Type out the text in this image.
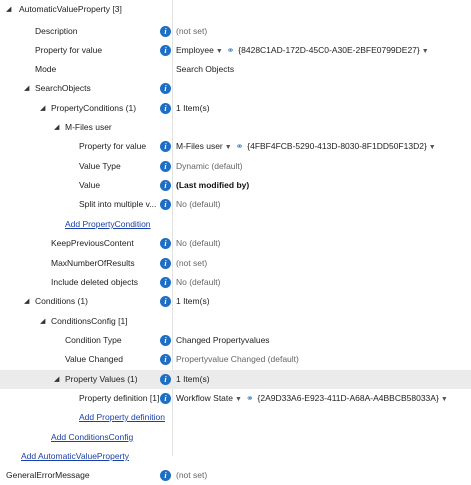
◢ AutomaticValueProperty [3]
Description	i	(not set)
Property for value	i	Employee ▼ ⚭ {8428C1AD-172D-45C0-A30E-2BFE0799DE27} ▼
Mode	Search Objects
◢ SearchObjects	i
◢ PropertyConditions (1)	i	1 Item(s)
◢ M-Files user
Property for value	i	M-Files user ▼ ⚭ {4FBF4FCB-5290-413D-8030-8F1DD50F13D2} ▼
Value Type	i	Dynamic (default)
Value	i	(Last modified by)
Split into multiple v...	i	No (default)
Add PropertyCondition
KeepPreviousContent	i	No (default)
MaxNumberOfResults	i	(not set)
Include deleted objects	i	No (default)
◢ Conditions (1)	i	1 Item(s)
◢ ConditionsConfig [1]
Condition Type	i	Changed Propertyvalues
Value Changed	i	Propertyvalue Changed (default)
◢ Property Values (1)	i	1 Item(s)
Property definition [1] i	Workflow State ▼ ⚭ {2A9D33A6-E923-411D-A68A-A4BBCB58033A} ▼
Add Property definition
Add ConditionsConfig
Add AutomaticValueProperty
GeneralErrorMessage	i	(not set)
